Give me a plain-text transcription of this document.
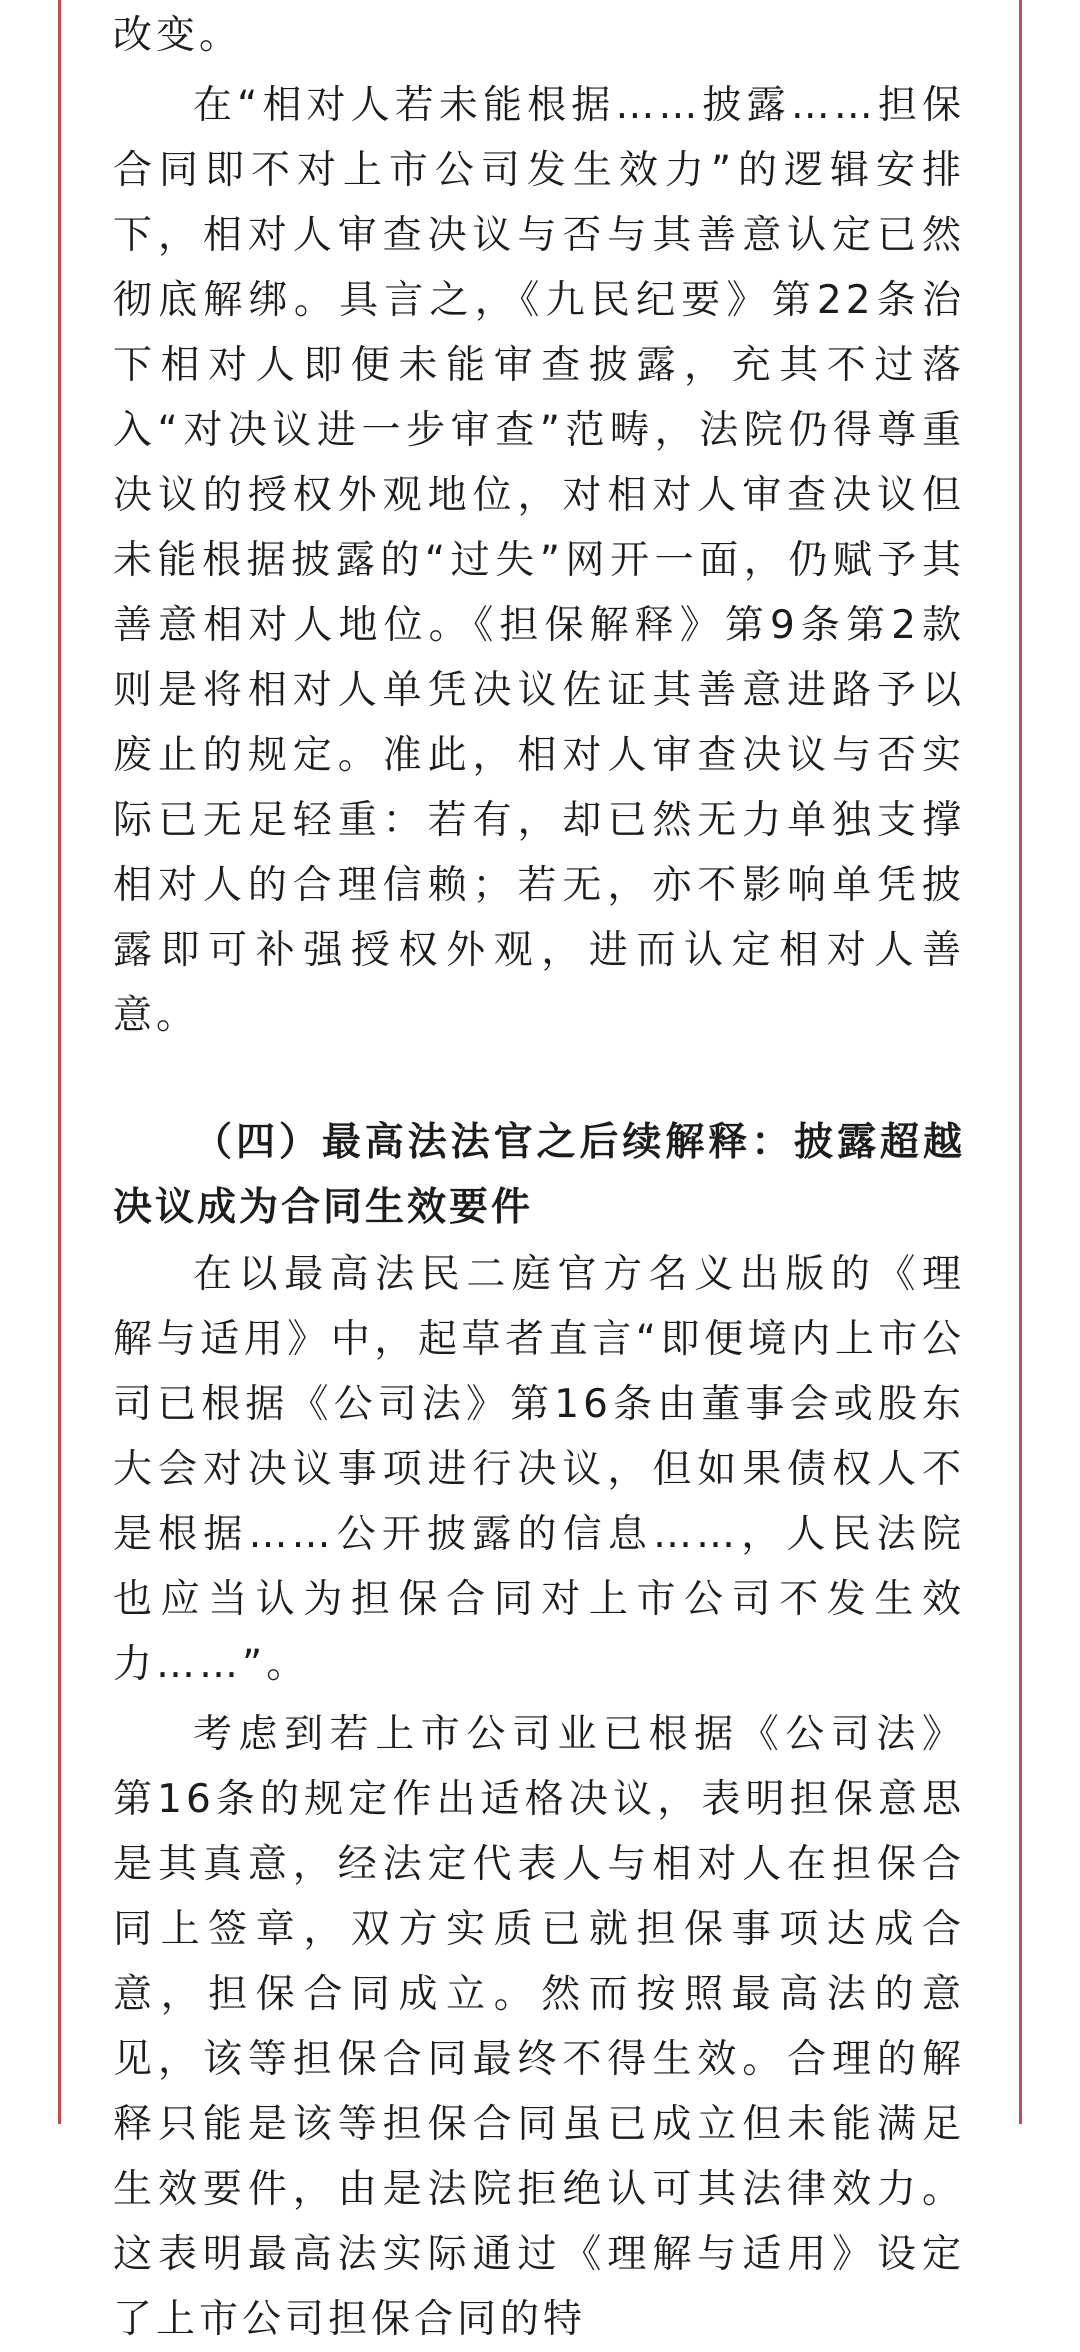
改变。

在“相对人若未能根据……披露……担保合同即不对上市公司发生效力”的逻辑安排下，相对人审查决议与否与其善意认定已然彻底解绑。具言之，《九民纪要》第22条治下相对人即便未能审查披露，充其不过落入“对决议进一步审查”范畴，法院仍得尊重决议的授权外观地位，对相对人审查决议但未能根据披露的“过失”网开一面，仍赋予其善意相对人地位。《担保解释》第9条第2款则是将相对人单凭决议佐证其善意进路予以废止的规定。准此，相对人审查决议与否实际已无足轻重：若有，却已然无力单独支撑相对人的合理信赖；若无，亦不影响单凭披露即可补强授权外观，进而认定相对人善意。

（四）最高法法官之后续解释：披露超越决议成为合同生效要件

在以最高法民二庭官方名义出版的《理解与适用》中，起草者直言“即便境内上市公司已根据《公司法》第16条由董事会或股东大会对决议事项进行决议，但如果债权人不是根据……公开披露的信息……，人民法院也应当认为担保合同对上市公司不发生效力……”。

考虑到若上市公司业已根据《公司法》第16条的规定作出适格决议，表明担保意思是其真意，经法定代表人与相对人在担保合同上签章，双方实质已就担保事项达成合意，担保合同成立。然而按照最高法的意见，该等担保合同最终不得生效。合理的解释只能是该等担保合同虽已成立但未能满足生效要件，由是法院拒绝认可其法律效力。这表明最高法实际通过《理解与适用》设定了上市公司担保合同的特
